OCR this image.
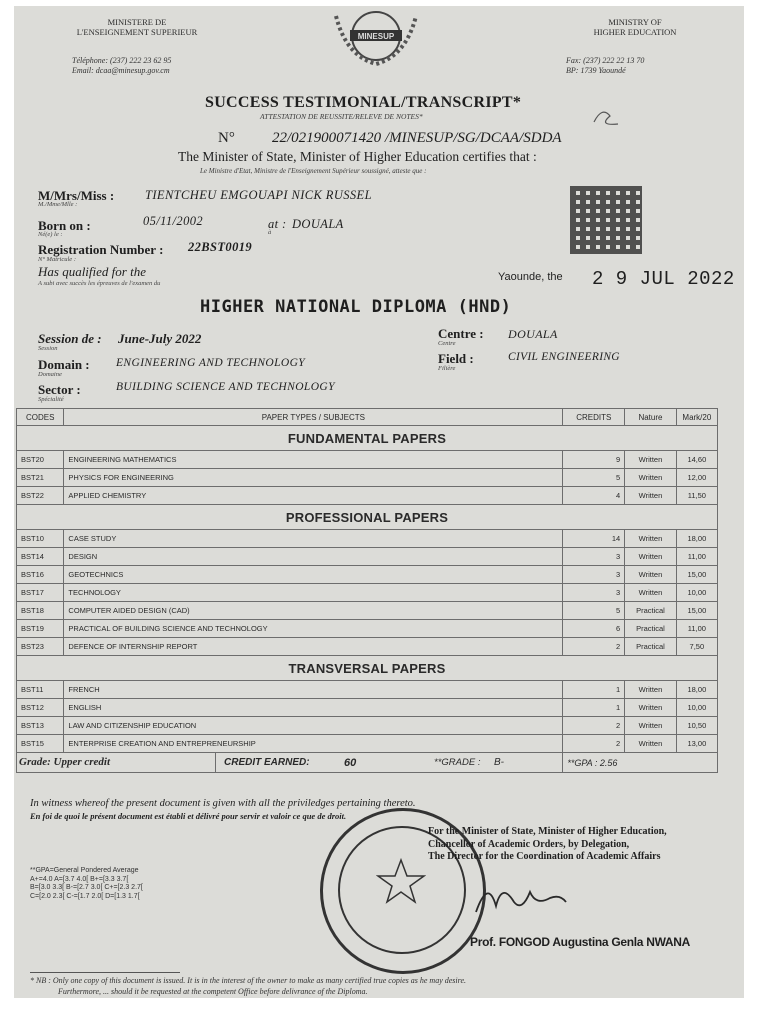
MINISTERE DE
L'ENSEIGNEMENT SUPERIEUR
Téléphone: (237) 222 23 62 95
Email: dcaa@minesup.gov.cm
MINESUP
MINISTRY OF
HIGHER EDUCATION
Fax: (237) 222 22 13 70
BP: 1739 Yaoundé
SUCCESS TESTIMONIAL/TRANSCRIPT*
ATTESTATION DE REUSSITE/RELEVE DE NOTES*
N° 22/021900071420 /MINESUP/SG/DCAA/SDDA
The Minister of State, Minister of Higher Education certifies that :
Le Ministre d'Etat, Ministre de l'Enseignement Supérieur soussigné, atteste que :
M/Mrs/Miss :
M./Mme/Mlle :
TIENTCHEU EMGOUAPI NICK RUSSEL
Born on :
Né(e) le :
05/11/2002	at :
à
DOUALA
Registration Number :
N° Matricule :
22BST0019
Has qualified for the
A subi avec succès les épreuves de l'examen du
Yaounde, the 2 9 JUL 2022
HIGHER NATIONAL DIPLOMA (HND)
Session de :
Session
June-July 2022
Domain :
Domaine
ENGINEERING AND TECHNOLOGY
Sector :
Spécialité
BUILDING SCIENCE AND TECHNOLOGY
Centre :
Centre
DOUALA
Field :
Filière
CIVIL ENGINEERING
CODES	PAPER TYPES / SUBJECTS	CREDITS	Nature	Mark/20
FUNDAMENTAL PAPERS				
BST20	ENGINEERING MATHEMATICS	9	Written	14,60
BST21	PHYSICS FOR ENGINEERING	5	Written	12,00
BST22	APPLIED CHEMISTRY	4	Written	11,50
PROFESSIONAL PAPERS				
BST10	CASE STUDY	14	Written	18,00
BST14	DESIGN	3	Written	11,00
BST16	GEOTECHNICS	3	Written	15,00
BST17	TECHNOLOGY	3	Written	10,00
BST18	COMPUTER AIDED DESIGN (CAD)	5	Practical	15,00
BST19	PRACTICAL OF BUILDING SCIENCE AND TECHNOLOGY	6	Practical	11,00
BST23	DEFENCE OF INTERNSHIP REPORT	2	Practical	7,50
TRANSVERSAL PAPERS				
BST11	FRENCH	1	Written	18,00
BST12	ENGLISH	1	Written	10,00
BST13	LAW AND CITIZENSHIP EDUCATION	2	Written	10,50
BST15	ENTERPRISE CREATION AND ENTREPRENEURSHIP	2	Written	13,00

Grade: Upper credit CREDIT EARNED: 60 **GRADE : B-		**GPA : 2.56		
In witness whereof the present document is given with all the priviledges pertaining thereto.
En foi de quoi le présent document est établi et délivré pour servir et valoir ce que de droit.
For the Minister of State, Minister of Higher Education,
Chancellor of Academic Orders, by Delegation,
The Director for the Coordination of Academic Affairs
Prof. FONGOD Augustina Genla NWANA
**GPA=General Pondered Average
A+=4.0 A=[3.7 4.0[ B+=[3.3 3.7[
B=[3.0 3.3[ B-=[2.7 3.0[ C+=[2.3 2.7[
C=[2.0 2.3[ C-=[1.7 2.0[ D=[1.3 1.7[
* NB : Only one copy of this document is issued. It is in the interest of the owner to make as many certified true copies as he may desire.
Furthermore, ... should it be requested at the competent Office before delivrance of the Diploma.
